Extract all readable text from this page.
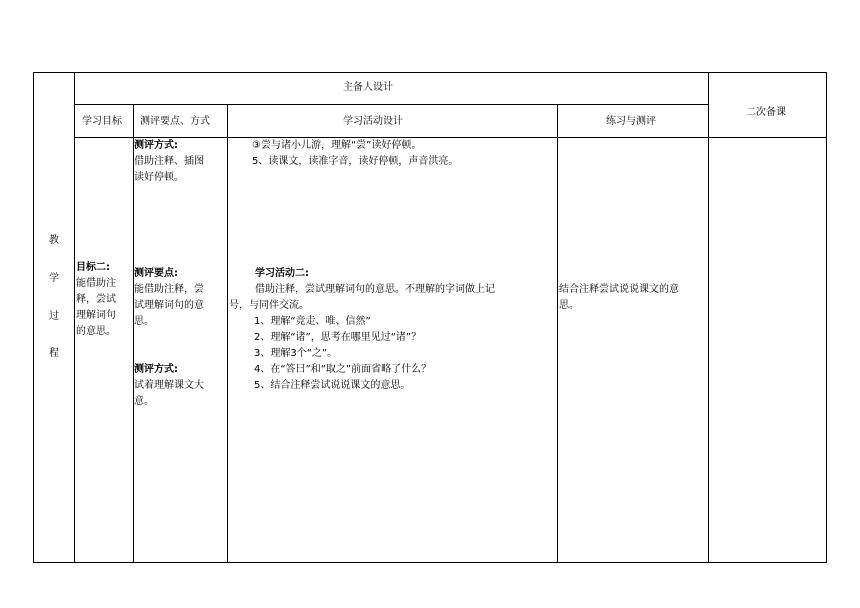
主备人设计
二次备课
学习目标 测评要点、方式	学习活动设计	练习与测评
教
学
过
程
目标二:
能借助注
释，尝试
理解词句
的意思。
测评方式:
借助注释、插图
读好停顿。
测评要点:
能借助注释，尝
试理解词句的意
思。
测评方式:
试着理解课文大
意。
③尝与诸小儿游，理解“尝”读好停顿。
5、读课文，读准字音，读好停顿，声音洪亮。
学习活动二:
借助注释，尝试理解词句的意思。不理解的字词做上记
号，与同伴交流。
1、理解“竞走、唯、信然”
2、理解“诸”，思考在哪里见过“诸”？
3、理解3个“之”。
4、在“答曰”和“取之”前面省略了什么？
5、结合注释尝试说说课文的意思。
结合注释尝试说说课文的意
思。
